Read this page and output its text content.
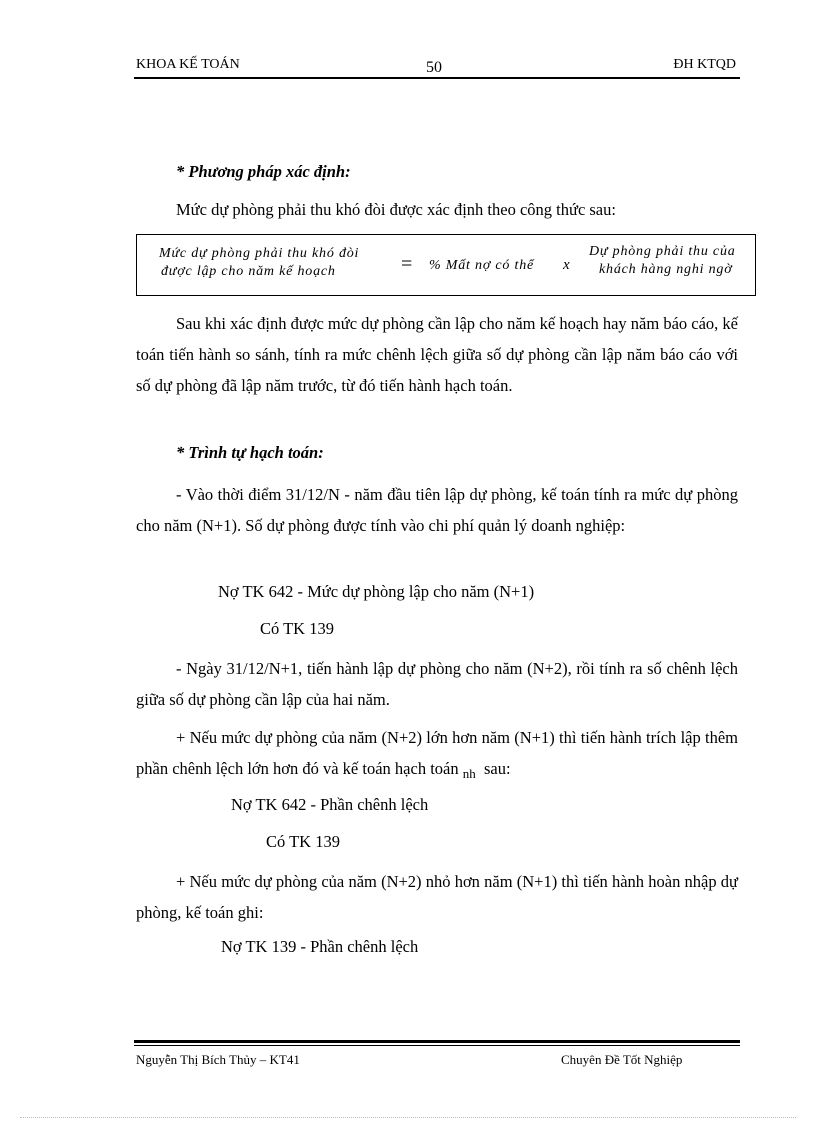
KHOA KẾ TOÁN	50	ĐH KTQD
* Phương pháp xác định:
Mức dự phòng phải thu khó đòi được xác định theo công thức sau:
Mức dự phòng phải thu khó đòi
được lập cho năm kế hoạch	= % Mất nợ có thể x
Dự phòng phải thu của
khách hàng nghi ngờ
Sau khi xác định được mức dự phòng cần lập cho năm kế hoạch hay năm báo cáo, kế toán tiến hành so sánh, tính ra mức chênh lệch giữa số dự phòng cần lập năm báo cáo với số dự phòng đã lập năm trước, từ đó tiến hành hạch toán.
* Trình tự hạch toán:
- Vào thời điểm 31/12/N - năm đầu tiên lập dự phòng, kế toán tính ra mức dự phòng cho năm (N+1). Số dự phòng được tính vào chi phí quản lý doanh nghiệp:
Nợ TK 642 - Mức dự phòng lập cho năm (N+1)
Có TK 139
- Ngày 31/12/N+1, tiến hành lập dự phòng cho năm (N+2), rồi tính ra số chênh lệch giữa số dự phòng cần lập của hai năm.
+ Nếu mức dự phòng của năm (N+2) lớn hơn năm (N+1) thì tiến hành trích lập thêm phần chênh lệch lớn hơn đó và kế toán hạch toán $_{nh}$ sau:
Nợ TK 642 - Phần chênh lệch
Có TK 139
+ Nếu mức dự phòng của năm (N+2) nhỏ hơn năm (N+1) thì tiến hành hoàn nhập dự phòng, kế toán ghi:
Nợ TK 139 - Phần chênh lệch
Nguyễn Thị Bích Thủy – KT41	Chuyên Đề Tốt Nghiệp
